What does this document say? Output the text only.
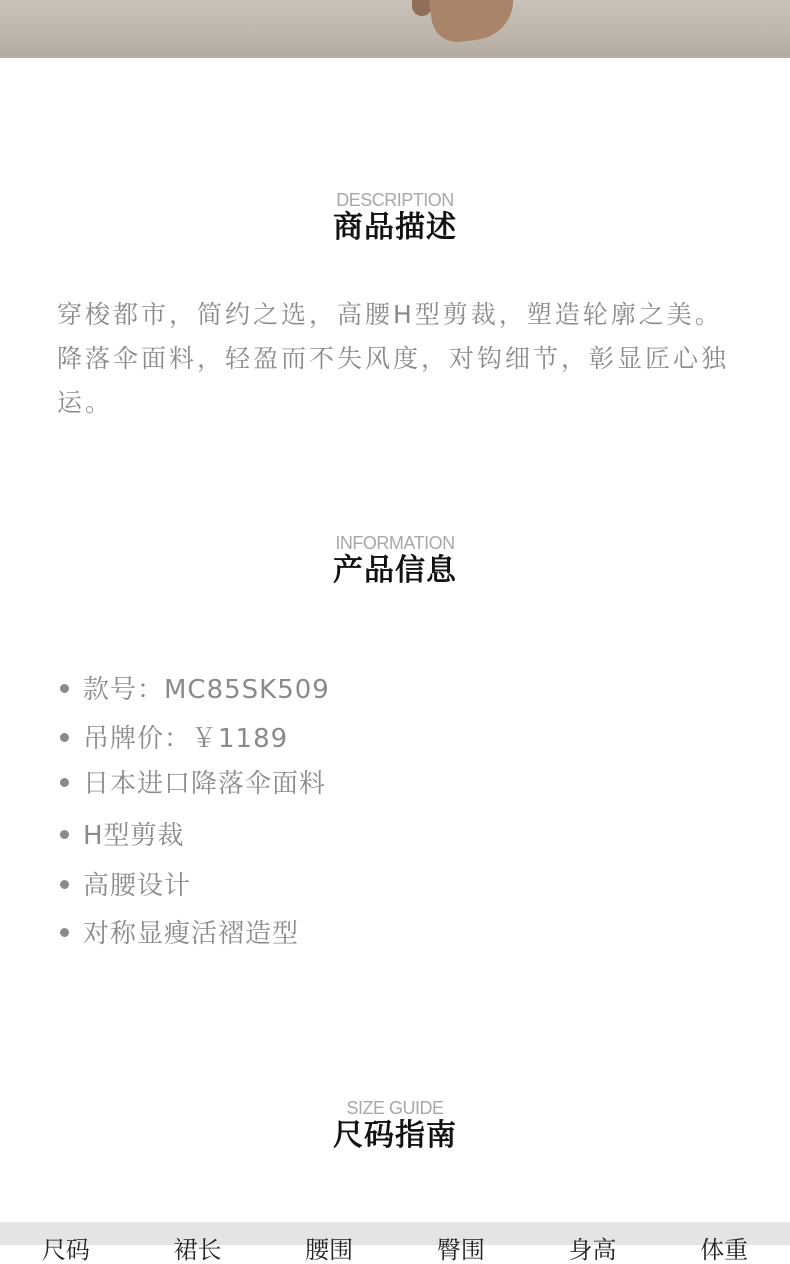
DESCRIPTION
商品描述
穿梭都市，简约之选，高腰H型剪裁，塑造轮廓之美。降落伞面料，轻盈而不失风度，对钩细节，彰显匠心独运。
INFORMATION
产品信息
款号：MC85SK509
吊牌价：￥1189
日本进口降落伞面料
H型剪裁
高腰设计
对称显瘦活褶造型
SIZE GUIDE
尺码指南
尺码	裙长	腰围	臀围	身高	体重
